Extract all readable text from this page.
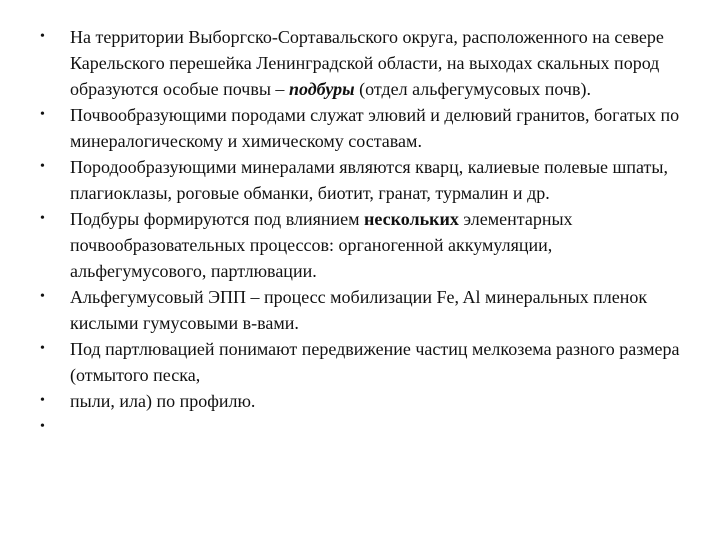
• На территории Выборгско-Сортавальского округа, расположенного на севере Карельского перешейка Ленинградской области, на выходах скальных пород образуются особые почвы – подбуры (отдел альфегумусовых почв).
• Почвообразующими породами служат элювий и делювий гранитов, богатых по минералогическому и химическому составам.
• Породообразующими минералами являются кварц, калиевые полевые шпаты, плагиоклазы, роговые обманки, биотит, гранат, турмалин и др.
• Подбуры формируются под влиянием нескольких элементарных почвообразовательных процессов: органогенной аккумуляции, альфегумусового, партлювации.
• Альфегумусовый ЭПП – процесс мобилизации Fe, Al минеральных пленок кислыми гумусовыми в-вами.
• Под партлювацией понимают передвижение частиц мелкозема разного размера (отмытого песка,
• пыли, ила) по профилю.
